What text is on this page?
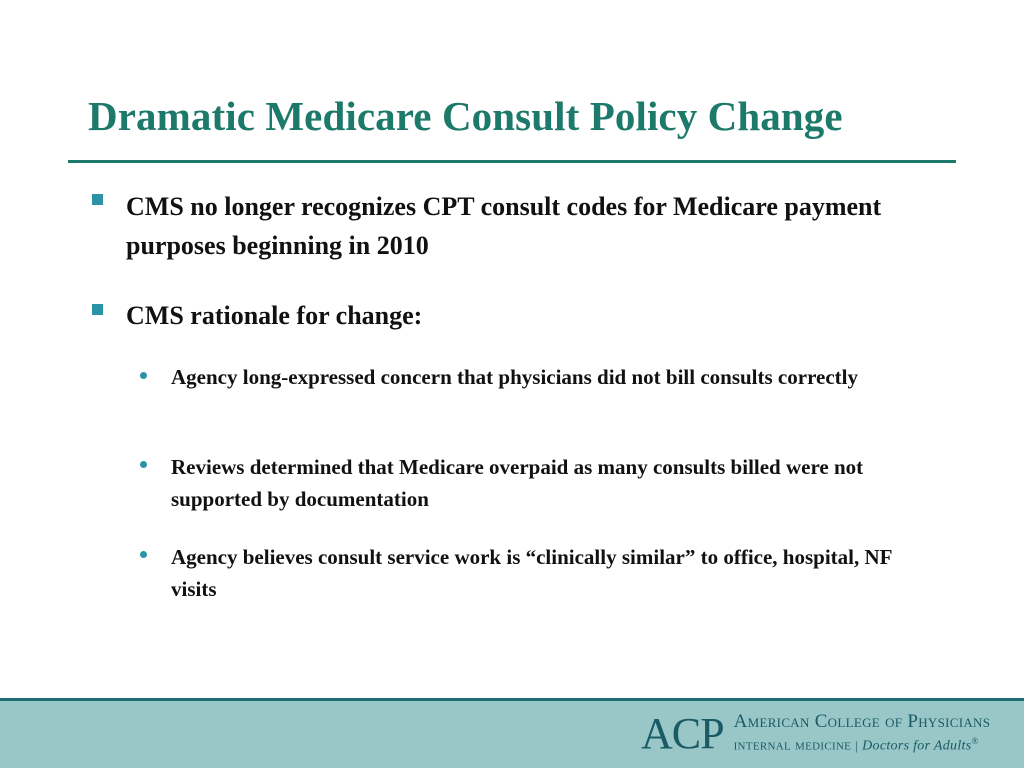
Dramatic Medicare Consult Policy Change
CMS no longer recognizes CPT consult codes for Medicare payment purposes beginning in 2010
CMS rationale for change:
Agency long-expressed concern that physicians did not bill consults correctly
Reviews determined that Medicare overpaid as many consults billed were not supported by documentation
Agency believes consult service work is “clinically similar” to office, hospital, NF visits
ACP American College of Physicians
internal medicine | Doctors for Adults®
